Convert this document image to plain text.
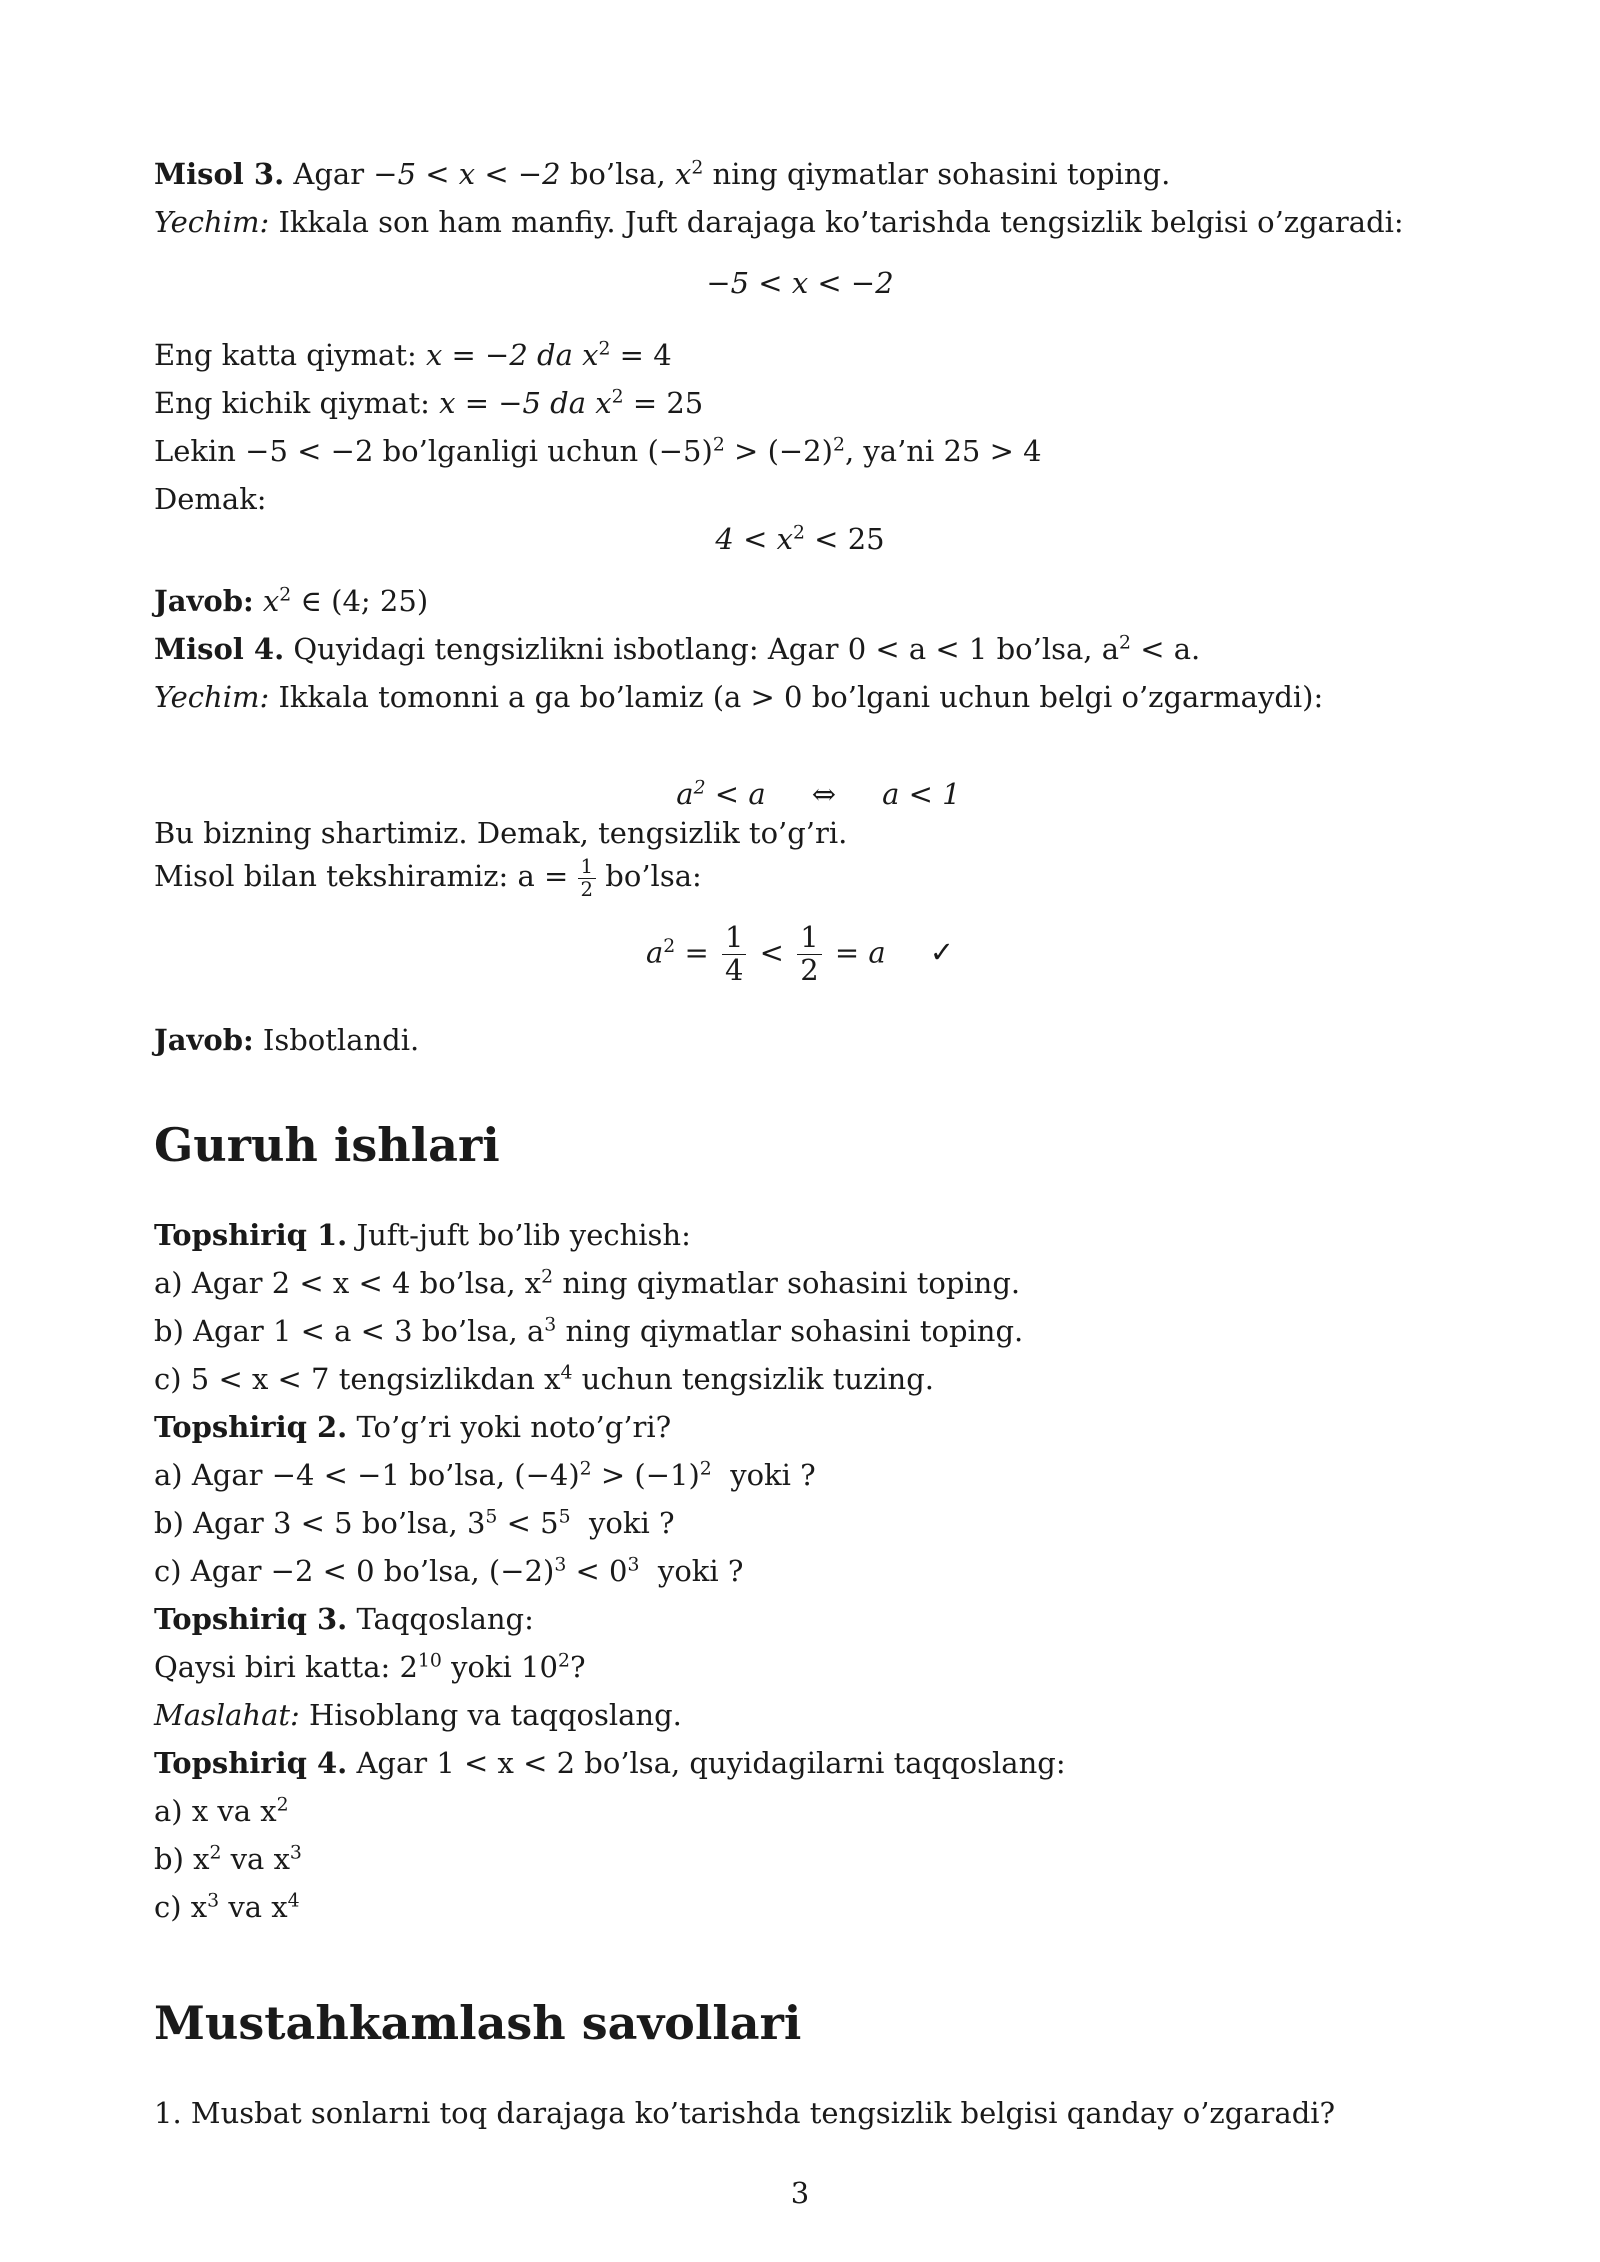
Misol 3. Agar −5 < x < −2 bo’lsa, $x^2$ ning qiymatlar sohasini toping.
Yechim: Ikkala son ham manfiy. Juft darajaga ko’tarishda tengsizlik belgisi o’zgaradi:
−5 < x < −2
Eng katta qiymat: x = −2 da $x^2 = 4$
Eng kichik qiymat: x = −5 da $x^2 = 25$
Lekin −5 < −2 bo’lganligi uchun $(-5)^2 > (-2)^2$, ya’ni 25 > 4
Demak:
$4 < x^2 < 25$
Javob: $x^2$ ∈ (4; 25)
Misol 4. Quyidagi tengsizlikni isbotlang: Agar 0 < a < 1 bo’lsa, $a^2 < a$.
Yechim: Ikkala tomonni a ga bo’lamiz (a > 0 bo’lgani uchun belgi o’zgarmaydi):

$a^2 < a$     ⇔     a < 1

Bu bizning shartimiz. Demak, tengsizlik to’g’ri.
Misol bilan tekshiramiz: $a = \frac{1}{2}$ bo’lsa:
$a^2 = \frac{1}{4} < \frac{1}{2} = a$ ✓
Javob: Isbotlandi.
Guruh ishlari
Topshiriq 1. Juft-juft bo’lib yechish:
a) Agar 2 < x < 4 bo’lsa, $x^2$ ning qiymatlar sohasini toping.
b) Agar 1 < a < 3 bo’lsa, $a^3$ ning qiymatlar sohasini toping.
c) 5 < x < 7 tengsizlikdan $x^4$ uchun tengsizlik tuzing.
Topshiriq 2. To’g’ri yoki noto’g’ri?
a) Agar −4 < −1 bo’lsa, $(-4)^2 > (-1)^2$  yoki ?
b) Agar 3 < 5 bo’lsa, $3^5 < 5^5$  yoki ?
c) Agar −2 < 0 bo’lsa, $(-2)^3 < 0^3$  yoki ?
Topshiriq 3. Taqqoslang:
Qaysi biri katta: $2^{10}$ yoki $10^2$?
Maslahat: Hisoblang va taqqoslang.
Topshiriq 4. Agar 1 < x < 2 bo’lsa, quyidagilarni taqqoslang:
a) x va $x^2$
b) $x^2$ va $x^3$
c) $x^3$ va $x^4$
Mustahkamlash savollari
1. Musbat sonlarni toq darajaga ko’tarishda tengsizlik belgisi qanday o’zgaradi?
3
